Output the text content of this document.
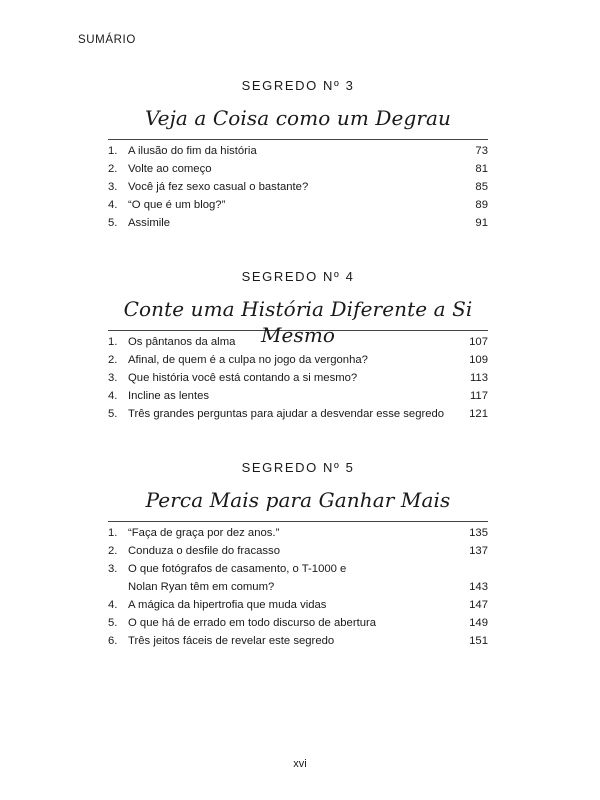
SUMÁRIO
SEGREDO Nº 3
Veja a Coisa como um Degrau
1. A ilusão do fim da história	73
2. Volte ao começo	81
3. Você já fez sexo casual o bastante?	85
4. “O que é um blog?”	89
5. Assimile	91
SEGREDO Nº 4
Conte uma História Diferente a Si Mesmo
1. Os pântanos da alma	107
2. Afinal, de quem é a culpa no jogo da vergonha?	109
3. Que história você está contando a si mesmo?	113
4. Incline as lentes	117
5. Três grandes perguntas para ajudar a desvendar esse segredo	121
SEGREDO Nº 5
Perca Mais para Ganhar Mais
1. “Faça de graça por dez anos.”	135
2. Conduza o desfile do fracasso	137
3. O que fotógrafos de casamento, o T-1000 e
Nolan Ryan têm em comum?	143
4. A mágica da hipertrofia que muda vidas	147
5. O que há de errado em todo discurso de abertura	149
6. Três jeitos fáceis de revelar este segredo	151
xvi
